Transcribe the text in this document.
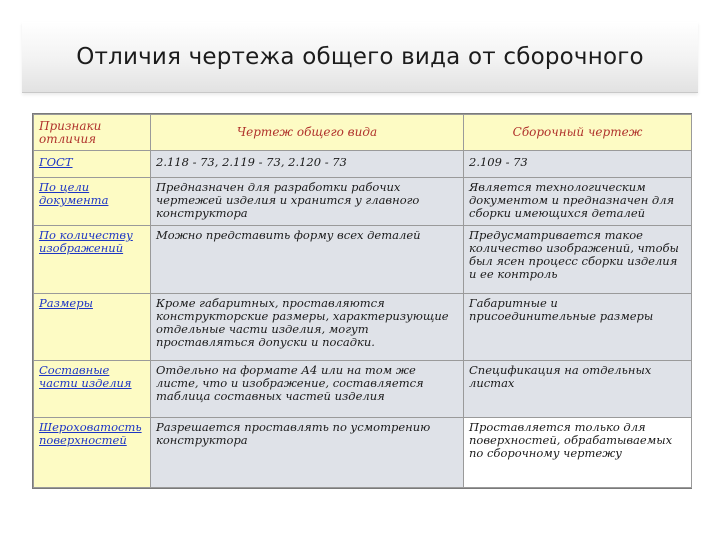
Отличия чертежа общего вида от сборочного
Признаки отличия	Чертеж общего вида	Сборочный чертеж
ГОСТ	2.118 - 73, 2.119 - 73, 2.120 - 73	2.109 - 73
По цели документа	Предназначен для разработки рабочих чертежей изделия и хранится у главного конструктора	Является технологическим документом и предназначен для сборки имеющихся деталей
По количеству изображений	Можно представить форму всех деталей	Предусматривается такое количество изображений, чтобы был ясен процесс сборки изделия и ее контроль
Размеры	Кроме габаритных, проставляются конструкторские размеры, характеризующие отдельные части изделия, могут проставляться допуски и посадки.	Габаритные и присоединительные размеры
Составные части изделия	Отдельно на формате А4 или на том же листе, что и изображение, составляется таблица составных частей изделия	Спецификация на отдельных листах
Шероховатость поверхностей	Разрешается проставлять по усмотрению конструктора	Проставляется только для поверхностей, обрабатываемых по сборочному чертежу
